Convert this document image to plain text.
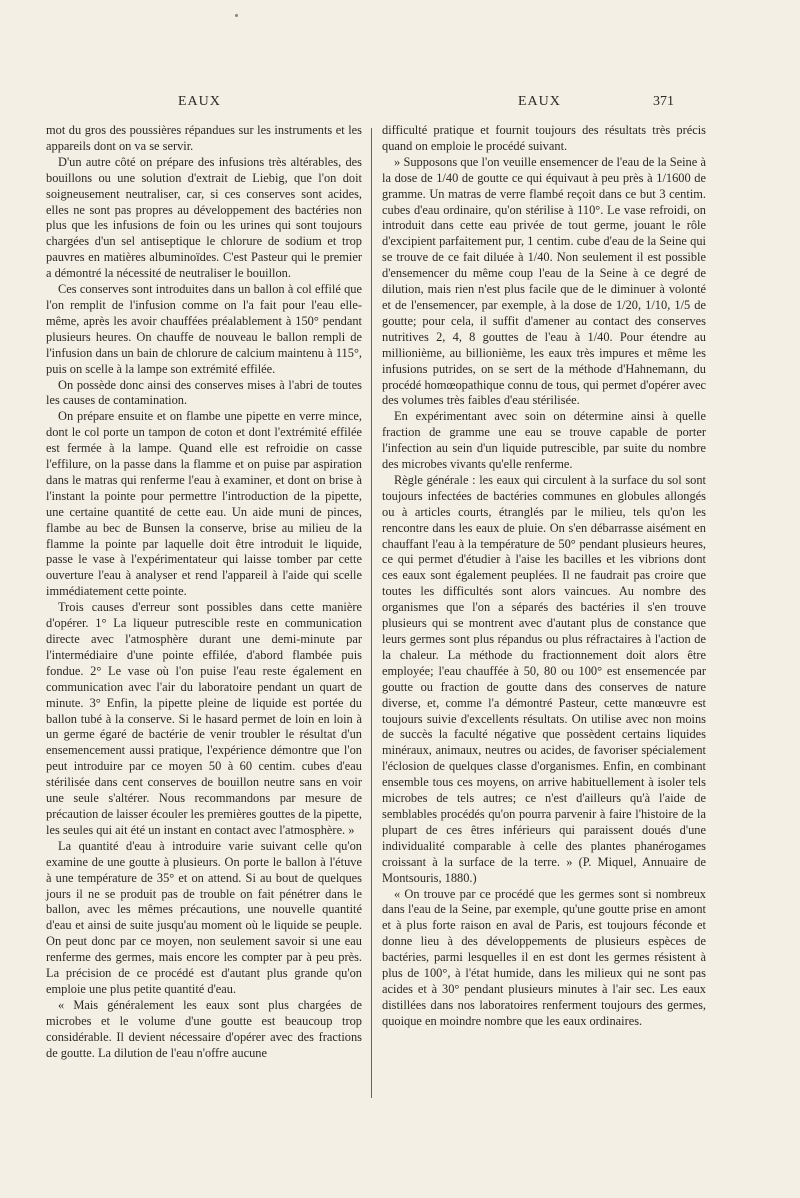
EAUX	EAUX	371

mot du gros des poussières répandues sur les instruments et les appareils dont on va se servir.

D'un autre côté on prépare des infusions très altérables, des bouillons ou une solution d'extrait de Liebig, que l'on doit soigneusement neutraliser, car, si ces conserves sont acides, elles ne sont pas propres au développement des bactéries non plus que les infusions de foin ou les urines qui sont toujours chargées d'un sel antiseptique le chlorure de sodium et trop pauvres en matières albuminoïdes. C'est Pasteur qui le premier a démontré la nécessité de neutraliser le bouillon.

Ces conserves sont introduites dans un ballon à col effilé que l'on remplit de l'infusion comme on l'a fait pour l'eau elle-même, après les avoir chauffées préalablement à 150° pendant plusieurs heures. On chauffe de nouveau le ballon rempli de l'infusion dans un bain de chlorure de calcium maintenu à 115°, puis on scelle à la lampe son extrémité effilée.

On possède donc ainsi des conserves mises à l'abri de toutes les causes de contamination.

On prépare ensuite et on flambe une pipette en verre mince, dont le col porte un tampon de coton et dont l'extrémité effilée est fermée à la lampe. Quand elle est refroidie on casse l'effilure, on la passe dans la flamme et on puise par aspiration dans le matras qui renferme l'eau à examiner, et dont on brise à l'instant la pointe pour permettre l'introduction de la pipette, une certaine quantité de cette eau. Un aide muni de pinces, flambe au bec de Bunsen la conserve, brise au milieu de la flamme la pointe par laquelle doit être introduit le liquide, passe le vase à l'expérimentateur qui laisse tomber par cette ouverture l'eau à analyser et rend l'appareil à l'aide qui scelle immédiatement cette pointe.

Trois causes d'erreur sont possibles dans cette manière d'opérer. 1° La liqueur putrescible reste en communication directe avec l'atmosphère durant une demi-minute par l'intermédiaire d'une pointe effilée, d'abord flambée puis fondue. 2° Le vase où l'on puise l'eau reste également en communication avec l'air du laboratoire pendant un quart de minute. 3° Enfin, la pipette pleine de liquide est portée du ballon tubé à la conserve. Si le hasard permet de loin en loin à un germe égaré de bactérie de venir troubler le résultat d'un ensemencement aussi pratique, l'expérience démontre que l'on peut introduire par ce moyen 50 à 60 centim. cubes d'eau stérilisée dans cent conserves de bouillon neutre sans en voir une seule s'altérer. Nous recommandons par mesure de précaution de laisser écouler les premières gouttes de la pipette, les seules qui ait été un instant en contact avec l'atmosphère. »

La quantité d'eau à introduire varie suivant celle qu'on examine de une goutte à plusieurs. On porte le ballon à l'étuve à une température de 35° et on attend. Si au bout de quelques jours il ne se produit pas de trouble on fait pénétrer dans le ballon, avec les mêmes précautions, une nouvelle quantité d'eau et ainsi de suite jusqu'au moment où le liquide se peuple. On peut donc par ce moyen, non seulement savoir si une eau renferme des germes, mais encore les compter par à peu près. La précision de ce procédé est d'autant plus grande qu'on emploie une plus petite quantité d'eau.

« Mais généralement les eaux sont plus chargées de microbes et le volume d'une goutte est beaucoup trop considérable. Il devient nécessaire d'opérer avec des fractions de goutte. La dilution de l'eau n'offre aucune

difficulté pratique et fournit toujours des résultats très précis quand on emploie le procédé suivant.

» Supposons que l'on veuille ensemencer de l'eau de la Seine à la dose de 1/40 de goutte ce qui équivaut à peu près à 1/1600 de gramme. Un matras de verre flambé reçoit dans ce but 3 centim. cubes d'eau ordinaire, qu'on stérilise à 110°. Le vase refroidi, on introduit dans cette eau privée de tout germe, jouant le rôle d'excipient parfaitement pur, 1 centim. cube d'eau de la Seine qui se trouve de ce fait diluée à 1/40. Non seulement il est possible d'ensemencer du même coup l'eau de la Seine à ce degré de dilution, mais rien n'est plus facile que de le diminuer à volonté et de l'ensemencer, par exemple, à la dose de 1/20, 1/10, 1/5 de goutte; pour cela, il suffit d'amener au contact des conserves nutritives 2, 4, 8 gouttes de l'eau à 1/40. Pour étendre au millionième, au billionième, les eaux très impures et même les infusions putrides, on se sert de la méthode d'Hahnemann, du procédé homœopathique connu de tous, qui permet d'opérer avec des volumes très faibles d'eau stérilisée.

En expérimentant avec soin on détermine ainsi à quelle fraction de gramme une eau se trouve capable de porter l'infection au sein d'un liquide putrescible, par suite du nombre des microbes vivants qu'elle renferme.

Règle générale : les eaux qui circulent à la surface du sol sont toujours infectées de bactéries communes en globules allongés ou à articles courts, étranglés par le milieu, tels qu'on les rencontre dans les eaux de pluie. On s'en débarrasse aisément en chauffant l'eau à la température de 50° pendant plusieurs heures, ce qui permet d'étudier à l'aise les bacilles et les vibrions dont ces eaux sont également peuplées. Il ne faudrait pas croire que toutes les difficultés sont alors vaincues. Au nombre des organismes que l'on a séparés des bactéries il s'en trouve plusieurs qui se montrent avec d'autant plus de constance que leurs germes sont plus répandus ou plus réfractaires à l'action de la chaleur. La méthode du fractionnement doit alors être employée; l'eau chauffée à 50, 80 ou 100° est ensemencée par goutte ou fraction de goutte dans des conserves de nature diverse, et, comme l'a démontré Pasteur, cette manœuvre est toujours suivie d'excellents résultats. On utilise avec non moins de succès la faculté négative que possèdent certains liquides minéraux, animaux, neutres ou acides, de favoriser spécialement l'éclosion de quelques classe d'organismes. Enfin, en combinant ensemble tous ces moyens, on arrive habituellement à isoler tels microbes de tels autres; ce n'est d'ailleurs qu'à l'aide de semblables procédés qu'on pourra parvenir à faire l'histoire de la plupart de ces êtres inférieurs qui paraissent doués d'une individualité comparable à celle des plantes phanérogames croissant à la surface de la terre. » (P. Miquel, Annuaire de Montsouris, 1880.)

« On trouve par ce procédé que les germes sont si nombreux dans l'eau de la Seine, par exemple, qu'une goutte prise en amont et à plus forte raison en aval de Paris, est toujours féconde et donne lieu à des développements de plusieurs espèces de bactéries, parmi lesquelles il en est dont les germes résistent à plus de 100°, à l'état humide, dans les milieux qui ne sont pas acides et à 30° pendant plusieurs minutes à l'air sec. Les eaux distillées dans nos laboratoires renferment toujours des germes, quoique en moindre nombre que les eaux ordinaires.
